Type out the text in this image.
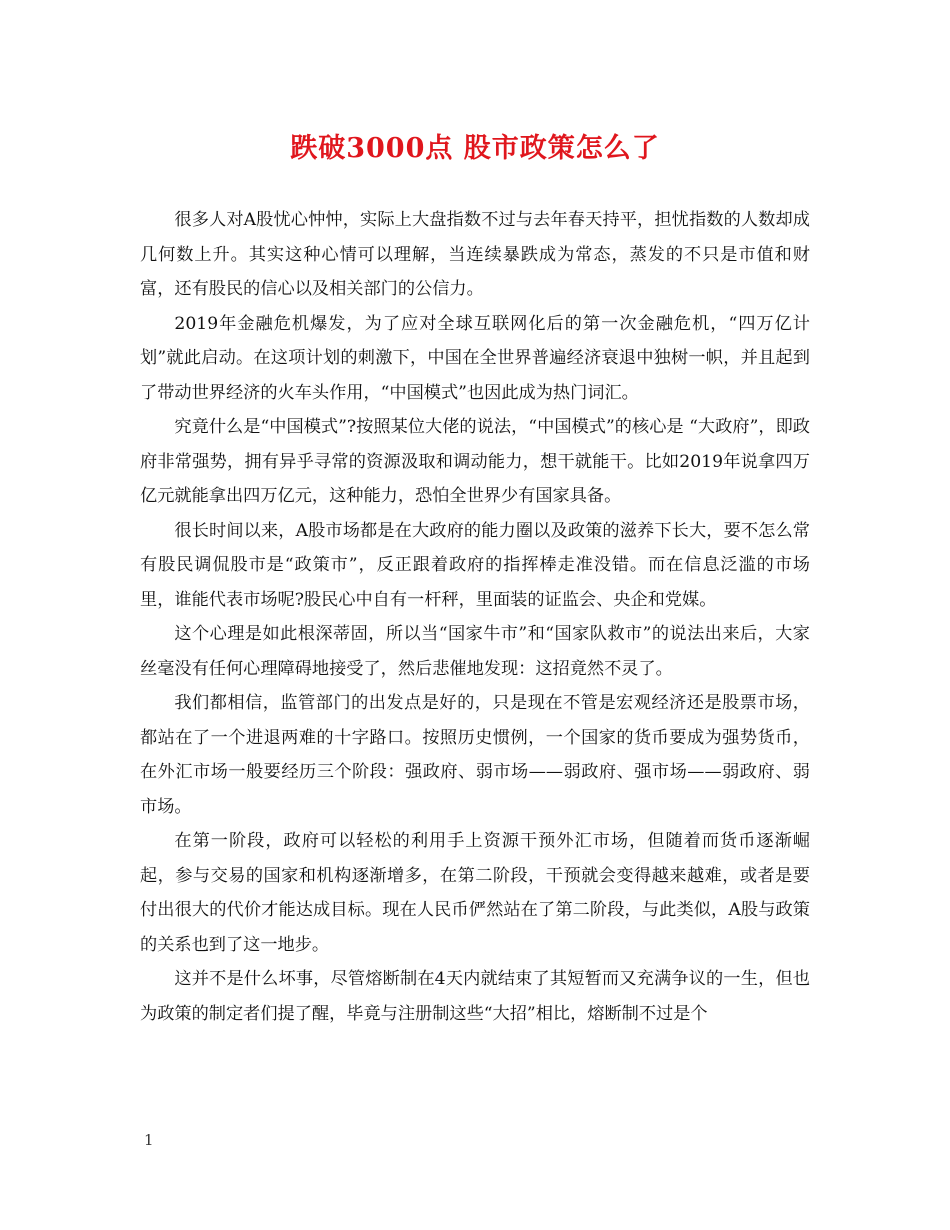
跌破3000点 股市政策怎么了

很多人对A股忧心忡忡，实际上大盘指数不过与去年春天持平，担忧指数的人数却成几何数上升。其实这种心情可以理解，当连续暴跌成为常态，蒸发的不只是市值和财富，还有股民的信心以及相关部门的公信力。

2019年金融危机爆发，为了应对全球互联网化后的第一次金融危机，“四万亿计划”就此启动。在这项计划的刺激下，中国在全世界普遍经济衰退中独树一帜，并且起到了带动世界经济的火车头作用，“中国模式”也因此成为热门词汇。

究竟什么是“中国模式”?按照某位大佬的说法，“中国模式”的核心是 “大政府”，即政府非常强势，拥有异乎寻常的资源汲取和调动能力，想干就能干。比如2019年说拿四万亿元就能拿出四万亿元，这种能力，恐怕全世界少有国家具备。

很长时间以来，A股市场都是在大政府的能力圈以及政策的滋养下长大，要不怎么常有股民调侃股市是“政策市”，反正跟着政府的指挥棒走准没错。而在信息泛滥的市场里，谁能代表市场呢?股民心中自有一杆秤，里面装的证监会、央企和党媒。

这个心理是如此根深蒂固，所以当“国家牛市”和“国家队救市”的说法出来后，大家丝毫没有任何心理障碍地接受了，然后悲催地发现：这招竟然不灵了。

我们都相信，监管部门的出发点是好的，只是现在不管是宏观经济还是股票市场，都站在了一个进退两难的十字路口。按照历史惯例，一个国家的货币要成为强势货币，在外汇市场一般要经历三个阶段：强政府、弱市场——弱政府、强市场——弱政府、弱市场。

在第一阶段，政府可以轻松的利用手上资源干预外汇市场，但随着而货币逐渐崛起，参与交易的国家和机构逐渐增多，在第二阶段，干预就会变得越来越难，或者是要付出很大的代价才能达成目标。现在人民币俨然站在了第二阶段，与此类似，A股与政策的关系也到了这一地步。

这并不是什么坏事，尽管熔断制在4天内就结束了其短暂而又充满争议的一生，但也为政策的制定者们提了醒，毕竟与注册制这些“大招”相比，熔断制不过是个

1
